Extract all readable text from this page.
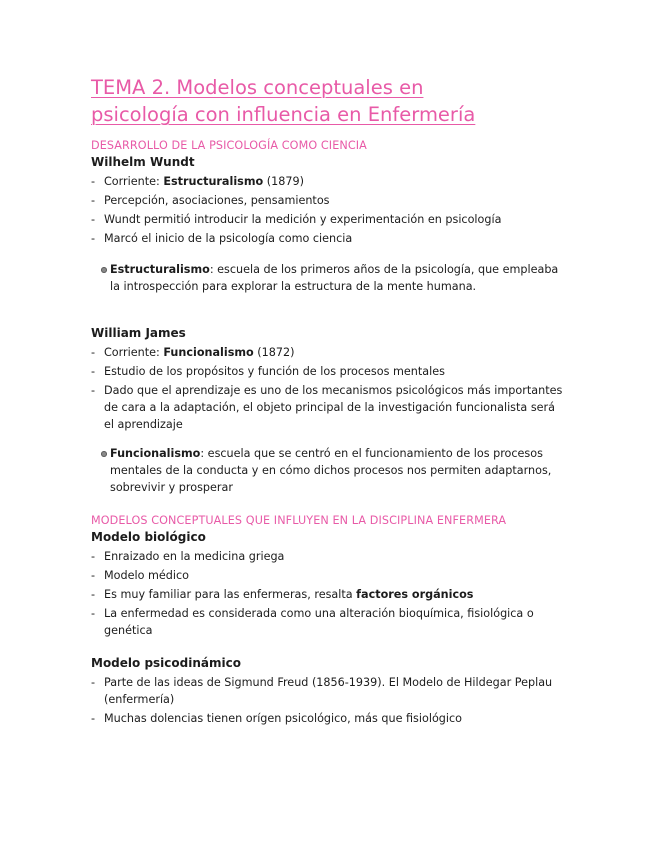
TEMA 2. Modelos conceptuales en
psicología con influencia en Enfermería
DESARROLLO DE LA PSICOLOGÍA COMO CIENCIA
Wilhelm Wundt
- Corriente: Estructuralismo (1879)
- Percepción, asociaciones, pensamientos
- Wundt permitió introducir la medición y experimentación en psicología
- Marcó el inicio de la psicología como ciencia
Estructuralismo: escuela de los primeros años de la psicología, que empleaba la introspección para explorar la estructura de la mente humana.
William James
- Corriente: Funcionalismo (1872)
- Estudio de los propósitos y función de los procesos mentales
- Dado que el aprendizaje es uno de los mecanismos psicológicos más importantes de cara a la adaptación, el objeto principal de la investigación funcionalista será el aprendizaje
Funcionalismo: escuela que se centró en el funcionamiento de los procesos mentales de la conducta y en cómo dichos procesos nos permiten adaptarnos, sobrevivir y prosperar
MODELOS CONCEPTUALES QUE INFLUYEN EN LA DISCIPLINA ENFERMERA
Modelo biológico
- Enraizado en la medicina griega
- Modelo médico
- Es muy familiar para las enfermeras, resalta factores orgánicos
- La enfermedad es considerada como una alteración bioquímica, fisiológica o genética
Modelo psicodinámico
- Parte de las ideas de Sigmund Freud (1856-1939). El Modelo de Hildegar Peplau (enfermería)
- Muchas dolencias tienen orígen psicológico, más que fisiológico
